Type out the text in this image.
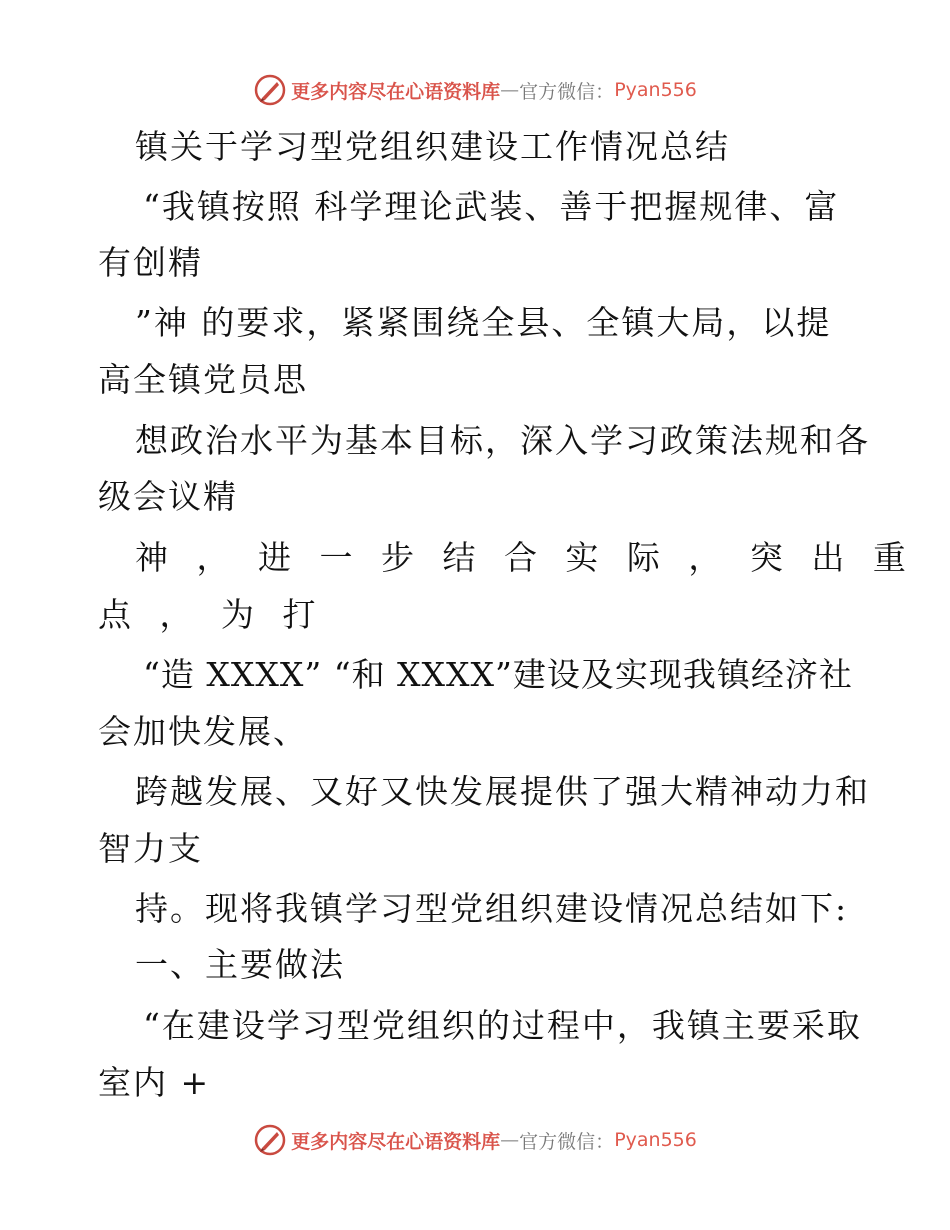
更多内容尽在心语资料库 — 官方微信： Pyan556
镇关于学习型党组织建设工作情况总结
“我镇按照 科学理论武装、善于把握规律、富
有创精
”神 的要求，紧紧围绕全县、全镇大局，以提
高全镇党员思
想政治水平为基本目标，深入学习政策法规和各
级会议精
神 ， 进 一 步 结 合 实 际 ， 突 出 重
点 ， 为 打
“造 XXXX” “和 XXXX”建设及实现我镇经济社
会加快发展、
跨越发展、又好又快发展提供了强大精神动力和
智力支
持。现将我镇学习型党组织建设情况总结如下:
一、主要做法
“在建设学习型党组织的过程中，我镇主要采取
室内 +
更多内容尽在心语资料库 — 官方微信： Pyan556
